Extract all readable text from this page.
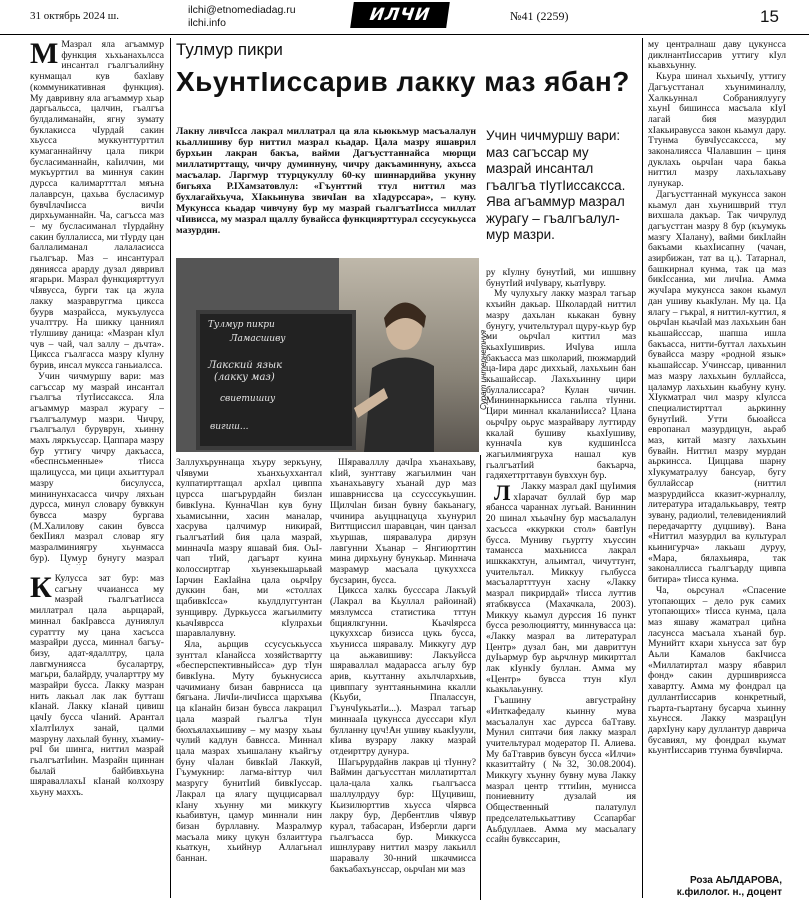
31 октябрь 2024 ш.	ilchi@etnomediadag.ru
ilchi.info	ИЛЧИ	№41 (2259)	15

М Мазрал яла агъаммур функция хьхьанахьлсса инсантал гъалгъалийну кунмащал кув бахlаву (коммуникативная функция). Му давривну яла агъаммур хьар даргьальсса, цалчин, гъалгъа булдалиманайн, ягну зумату буклакисса чIурдай сакин хьусса муккунттурттил кумаганнайнчу цала пикри бусласиманнайн, каIилчин, ми мукъурттил ва миннуя сакин дурсса калимартттал мяъна лалаврсун, цахьва бусласимур бувчIлачIисса вичIи дирхьуманнайн. Ча, сагъсса маз – му бусласиманал тIурдайну сакин буллалисса, ми тIурду цан баллалиманал лалаласисса гьалгъар. Маз – инсантурал дяниясса арарду дузал дявривл ягарьри. Мазрал функциярттуул чIявусса, бурги так ца жула лакку мазравруггма циксса буурв мазрайсса, мукъулусса учалттру. На шикку цанниял тIулшиву даница: «Мазран кIул чув – чай, чал заллу – дъчта». Циксса гъалгасса мазру кIулну бурив, инсал муксса ганьиалсса.

Учин чичмуршу вари: маз сагъссар му мазрай инсантал гъалгъа тIутIиссаксса. Яла агъаммур мазрал журагу – гъалгъалумур мазри. Чичру, гъалгъалул буруврун, хьинну махъ ляркъуссар. Цаппара мазру бур уттигу чичру дакъасса, «беспнсьменные» тIисса щалицусса, ми цици ахьиттурал мазру бисулусса, мининунхасасса чичру ляхьан дурсса, минул словару бувккун бувсса мазру бургава (М.Халилову сакин бувсса бекIIиял мазрал словар ягу мазралминиягру хьунмасса бур). Цумур бунугу мазрал

К Кулусса зат бур: маз сагъну ччаиансса му мазрай гьалгъатIисса миллатрал цала аьрщарай, миннал бакIравсса дуниялул сураттту му цана хасъсса мазрайри дусса, миннал багъу-бизу, адат-ядаллтру, цала лавгмуниясса бусалартру, магьри, балайрду, учаларттру му мазрайри бусса. Лакку мазран нить лакьал лак лак бутташ кIанай. Лакку кIанай цивиш цачIу бусса чIаний. Арантал хIалтIилух занай, цалми мазруну лахьлай бунну, хъамиурчI би шинга, ниттил мазрай гьалгъатIиlин. Мазрайн щиннан былай байбивхьуна шяраваллахьI кIанай колхозру хьуну маххъ.

Тулмур пикри
ХьунтIиссарив лакку маз ябан?
Лакну ливчIсса лакрал миллатрал ца яла кьюкьмур масъалалун кьаллишиву бур ниттил мазрал кьадар. Цала мазру яшаврил бурхьин лакран бакъа, вайми Дагъусттаннайса мюрщи миллатирттащу, чичру думиннуну, чичру дакъаминнуну, ахьсса масъалар. Ларгмур ттурцукуллу 60-ку шиннардийва укунну бигьяха Р.IХамзатовлул: «Гъунттий ттул ниттил маз бухлагайхьуча, ХIакьинува звичIан ва хIадурссара», – куну. Мукунсса кьадар чивчуну бур му мазрай гьалгъатIисса миллат чIивисса, му мазрал щаллу бувайсса функциярттурал сссусукьусса мазурдин.

Учин чичмуршу вари: маз сагъссар му мазрай инсантал гъалгъа тIутIиссаксса.

Ява агъаммур мазрал журагу – гъалгъалул-мур мазри.

Тулмур пикри
Ламасшиву
Лакский язык
(лакку маз)
свиетишиу
вигиш...
Сурат интернетнуя

Заллухъруннаща хъуру зеркъуну, чIявуми хъанхьуххантал кулпатирттащал архIал цивппа цурсса шагърурдайн бизлан бивкIуна. КуннаЧlан кув буну хьамисынни, хасин маналар, хасрува цалчимур никирай, гьалгъатIий бия цала мазрай, минначIа мазру яшавай бия. ОьI-чап тIий, дагъарт куина колоссиртгар хьунзекьшарьвай Iарчин ЕакIайна цала оьрчIру дуккин бан, ми «столлах щабивкIсса» кьулдлуггунтан зунщивру. Дуркьусса жагьилмиту кьачIяврсса кIулрахьи шаравлалувну.

Яла, аьрщив ссусуськьусса зунттал кIанайсса хозяйствартту «бесперспективныйсса» дур тIун бивкIуна. Муту буькнусисса чачимиану бизан баврнисса ца бягьана. ЛичIи-личIисса щархъява ца кIанайн бизан бувсса лакрацил цала мазрай гьалгъа тIун бюхъялахьишиву – му мазру хьаы чулий кадлун бавнсса. Миннал цала мазрах хъишалану къайгъу буну чIалан бивкIай Лаккуй, Гъумукнир: лагма-вiттур чил мазругу бунитIий бивкIуссар. Лакрал ца ялагу щуццисарвал кIану хъунну ми миккугу кьабивтун, цамур миннали нин бизан бурллавну. Мазралмур масъала мику цукун бзлаиттура кьаткун, хьийнур Аллагьнал баннан.

Шяравалллу дачIра хъанахьаву, кIий, зунттаву жагьилмин чан хъанахьавугу хъанай дур маз ишаврниссва ца ссусссукьушин. Щилчlан бизан бувну бакьанагу, ччинира аьуццнацуца хьунурил Виттщиссил шаравцан, чин цанзал хъуршав, шяравалура дирзун лавгунни Хъанар – Янгиюрттин мина дирхьуну бунукьар. Миннача мазрамур масъала цукуххсса бусзарин, бусса.

Циксса халкь бусссара Лакъуй (Лакрал ва Кьуллал райоинай) мязлумсса статистика тттун бщиялкгунни. Кьачlярсса цукуххсар бизисса цукь бусса, хъунисса шяравалу. Миккугу дур ца аьжавишиву: Лакъуйсса шяраваллал мадарасса агьлу бур арив, кьуттанну ахьлчлархьив, цивппагу зунттаяньнмина ккалли (Кьуби, Ппалассун, ГъунчIукьатIи...). Мазрал тагьар миннааIа цукунсса дусссари кIул булланну цуч!Ан ушиву кьакIуули, кIива вузрару лакку мазрай отдеирттру дунура.

Шагьрурдайнв лакрав цi тIунну? Ваймин дагъуссттан миллатирттал цала-цала халкь гьалгъасса шаллулрдуу бур: Щуцивиш, Кьизилюрттив хьусса чIярвса лакру бур, Дербентлив чIявур курал, табасаран, Избергли дарги гьалгъасса бур. Миккусса ишнлураву ниттил мазру лакьилл шаравалу 30-нний шкачмисса бакъабахъунссар, оьрчIан ми маз

ру кIулну бунутIий, ми ишшвну бунутIий ичIувару, кьатIувру.

Му чулухьгу лакку мазрал тагьар кхъийн дакьар. Школардай ниттил мазру дахьлан кькакан бувну бунугу, учительтурал щуру-кьур бур ми оьрчIал киттил маз кьахIушивриs. ИчIува ишла бакъасса маз школарий, пюжмардий ца-Iира дарс диххьай, лахьхьин бан кьашайссар. Лахьхьинну цири буллалиссара? Кулан чичин. Мининнаркьнисса гаьлпа тIунни. Цири миннал ккаланиIисса? Цлана оьрчIру оьрус мазрайвару луттирду ккалай бушиву кьахIушиву, кунначIа кув кудшинIсса жагьилмиягруха нашал кув гьалгъатIий бакъарча, гадяхеттрттавун бувххун бур.

Л Лакку мазрал дакI щуIимия хIарачат буллай бур мар ябансса чараннах лугьай. Ваниннин 20 шинал хъьачIну бур масъалалун хасъсса «ккуркки стол» бавтIун бусса. Муниву гьуртту хъуссин тамансса махьнисса лакрал ишккакхтун, альимтал, чичуттунт, учительтал. Миккуу гьлбусса масъалартттуун хасну «Лакку мазрал пикрирдай» тIисса луттив ятабквусса (Махачкала, 2003). Миккуу кьамул дурссия 16 пункт бусса резолюциятту, миннувасса ца: «Лакку мазрал ва литературал Центр» дузал бан, ми давриттун дуIьармур бур аьрчлнур микирттал лак кIункIу буллан. Амма му «Центр» бувсса ттун кIул кьакьлаьунну.

Гъашину августрайну «Инткафедалу кьинну мува масъалалун хас дурсса баТтаву. Мунил сиптачи бия лакку мазрал учительтурал модератор П. Алиева. Му баТтаврив бувсун бусса «Илчи» кказиттайту (№32, 30.08.2004). Миккугу хъунну бувну мува Лакку мазрал центр тттиIин, мунисса пониевниту дузалай ия Общественный палатулул предселателькьаттиву Ссапарбаг Аьбдуллаев. Амма му масьалагу ссайн бувкссарин,

му централнаш даву цукунсса диклнантIиссарив уттигу кIул кьавхьунну.

Кьура шинал хьхьичIу, уттигу Дагъусттанал хъуниминаллу, Халкьуннал Собраниялуугу хьунI бишинсса масъала кIуI лагай бия мазурдил хIакьиравусса закон кьамул дару. Ттунма бувчIуссакссса, му законалиясса ЧIалавшин – циня дуклахь оьрчIан чара бакьа ниттил мазру лахьлахьаву лунукар.

Дагъусттаннай мукунсса закон кьамул дан хьунишврий ттул вихшала дакъар. Так чичрулуд дагъусттан мазру 8 бур (къумукь мазгу ХIалану), вайми бикIлайн бакъами кьахIисапну (чачан, азирбижан, тат ва ц.). Татарнал, башкирнал кунма, так ца маз бикIссаниа, ми личIиа. Амма жучIара мукунсса закон кьамул дан ушиву кьакIулан. Му ца. Ца ялагу – гъкраl, я ниттил-куттил, я оьрчIан кьачIай маз лахьхьин бан кьашайсссар, шапша ишла бакъасса, нитти-буттал лахьхьин бувайсса мазру «родной язык» кьашайссар. Учинссар, циваннил маз мазру лахьхьин буллайсса, цаламур лахьхьин кьабуну куну. ХIукматрал чил мазру кIулсса специалистирттал аьркинну бунутIий. Утти бьюайсса европанал мазурдицун, аьраб маз, китай мазгу лахьхьин бувайн. Ниттил мазру мурдан аьркинсса. Циццава шарну хIукуматралуу бансуар, бугу буллайссар (ниттил мазрурдийсса кказит-журналлу, литература итадалькьавру, теятр зувану, радиолиl, телевидениялий передачартту дуцшиву). Вана «Ниттил мазурдил ва культурал кьинигурча» лакьаш дуруу, «Мара, бялахьияра, так законаллисса гьалгъарду щивпа битира» тIисса кунма.

Ча, оьрсунал «Спасение утопающих – дело рук самих утопающих» тIисса кунма, цала маз яшаву жаматрал циñна ласунсса масъала хъанай бур. Мунийтт кхари хьнусса зат бур Аьли Камалов бакIчисса «Миллатиртал мазру ябаврил фонд» сакин дуршивриясса хавартгу. Амма му фондрал ца дуллантIиссарив конкретный, гьарта-гьартану бусарча хьинну хьунсся. Лакку мазрацIун дархIуну кару дуллантур даврича бусавиял, му фондрал кьумат кьунтIиссарив ттунма бувчIирча.

Роза АЬЛДАРОВА,
к.филолог. н., доцент
